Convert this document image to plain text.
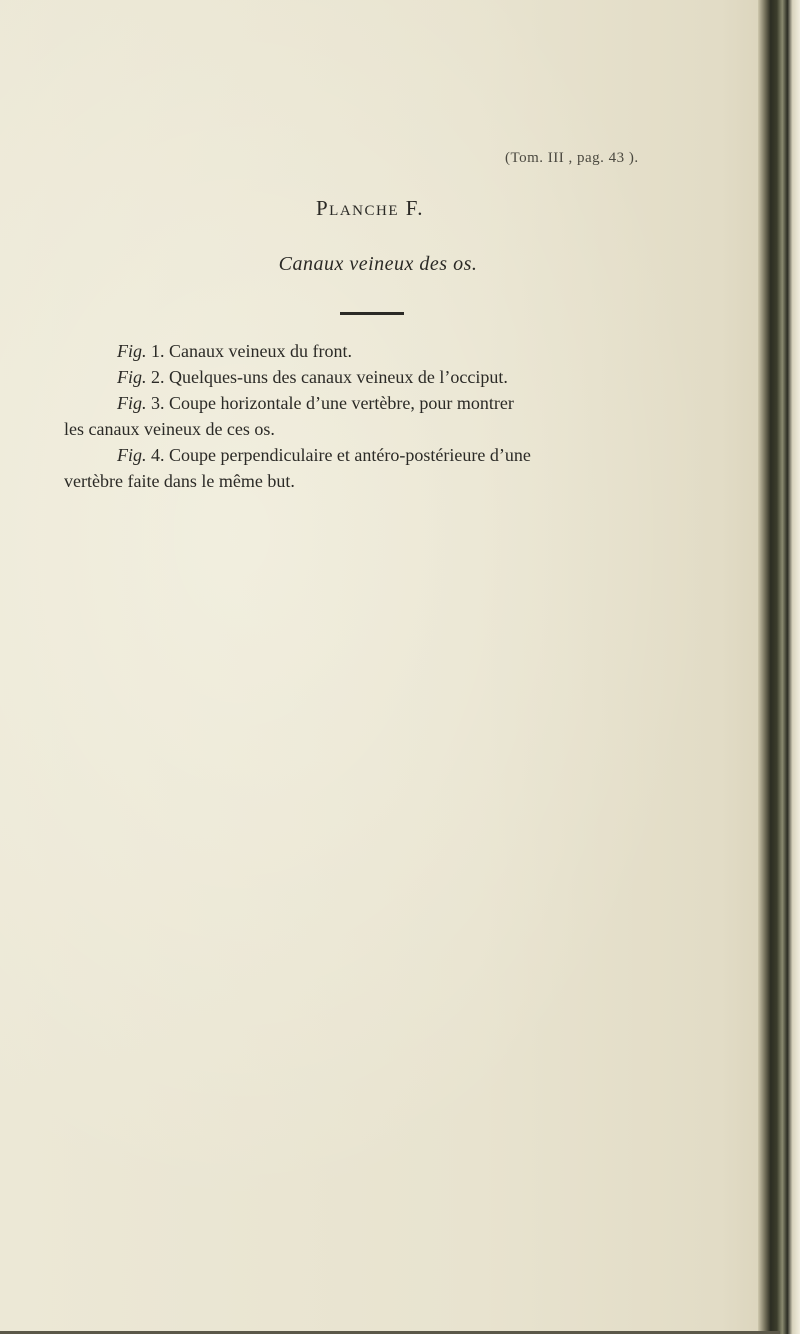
(Tom. III , pag. 43 ).
Planche F.
Canaux veineux des os.

Fig. 1. Canaux veineux du front.

Fig. 2. Quelques-uns des canaux veineux de l’occiput.

Fig. 3. Coupe horizontale d’une vertèbre, pour montrer
les canaux veineux de ces os.

Fig. 4. Coupe perpendiculaire et antéro-postérieure d’une
vertèbre faite dans le même but.
